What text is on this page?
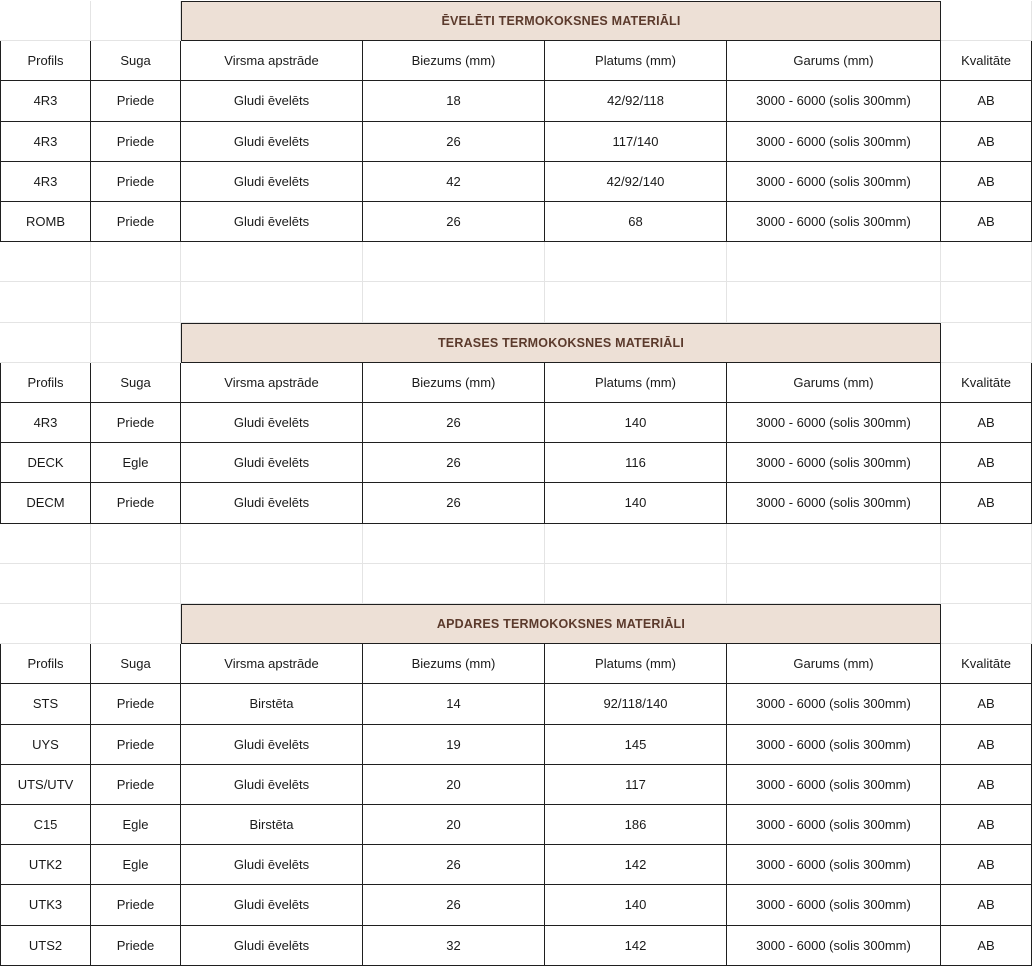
ĒVELĒTI TERMOKOKSNES MATERIĀLI
Profils	Suga	Virsma apstrāde	Biezums (mm)	Platums (mm)	Garums (mm)	Kvalitāte
4R3	Priede	Gludi ēvelēts	18	42/92/118	3000 - 6000 (solis 300mm)	AB
4R3	Priede	Gludi ēvelēts	26	117/140	3000 - 6000 (solis 300mm)	AB
4R3	Priede	Gludi ēvelēts	42	42/92/140	3000 - 6000 (solis 300mm)	AB
ROMB	Priede	Gludi ēvelēts	26	68	3000 - 6000 (solis 300mm)	AB
TERASES TERMOKOKSNES MATERIĀLI
Profils	Suga	Virsma apstrāde	Biezums (mm)	Platums (mm)	Garums (mm)	Kvalitāte
4R3	Priede	Gludi ēvelēts	26	140	3000 - 6000 (solis 300mm)	AB
DECK	Egle	Gludi ēvelēts	26	116	3000 - 6000 (solis 300mm)	AB
DECM	Priede	Gludi ēvelēts	26	140	3000 - 6000 (solis 300mm)	AB
APDARES TERMOKOKSNES MATERIĀLI
Profils	Suga	Virsma apstrāde	Biezums (mm)	Platums (mm)	Garums (mm)	Kvalitāte
STS	Priede	Birstēta	14	92/118/140	3000 - 6000 (solis 300mm)	AB
UYS	Priede	Gludi ēvelēts	19	145	3000 - 6000 (solis 300mm)	AB
UTS/UTV	Priede	Gludi ēvelēts	20	117	3000 - 6000 (solis 300mm)	AB
C15	Egle	Birstēta	20	186	3000 - 6000 (solis 300mm)	AB
UTK2	Egle	Gludi ēvelēts	26	142	3000 - 6000 (solis 300mm)	AB
UTK3	Priede	Gludi ēvelēts	26	140	3000 - 6000 (solis 300mm)	AB
UTS2	Priede	Gludi ēvelēts	32	142	3000 - 6000 (solis 300mm)	AB
